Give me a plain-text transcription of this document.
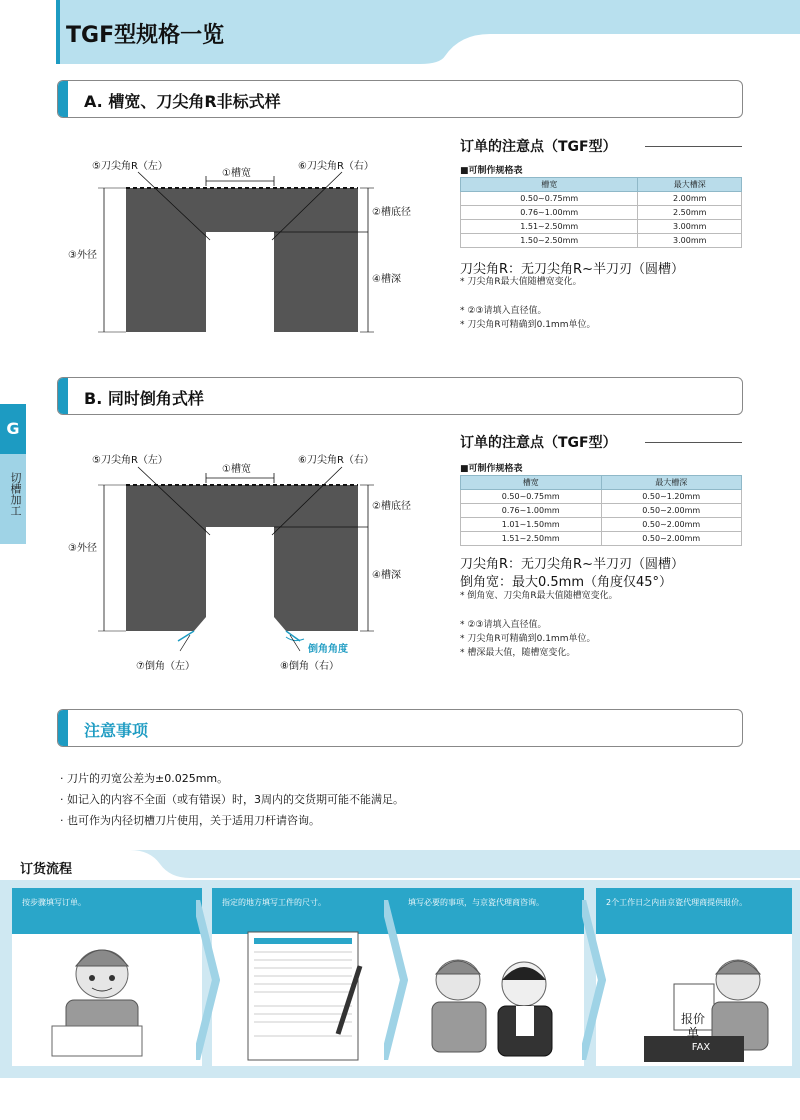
TGF型规格一览
G
切槽加工
A. 槽宽、刀尖角R非标式样
⑤刀尖角R（左）	⑥刀尖角R（右）
①槽宽
②槽底径
③外径
④槽深
订单的注意点（TGF型）
■可制作规格表
槽宽	最大槽深
0.50~0.75mm	2.00mm
0.76~1.00mm	2.50mm
1.51~2.50mm	3.00mm
1.50~2.50mm	3.00mm
刀尖角R：无刀尖角R~半刀刃（圆槽）
* 刀尖角R最大值随槽宽变化。
* ②③请填入直径值。
* 刀尖角R可精确到0.1mm单位。
B. 同时倒角式样
⑤刀尖角R（左）	⑥刀尖角R（右）
①槽宽
②槽底径
③外径
④槽深
倒角角度
⑦倒角（左）	⑧倒角（右）
订单的注意点（TGF型）
■可制作规格表
槽宽	最大槽深
0.50~0.75mm	0.50~1.20mm
0.76~1.00mm	0.50~2.00mm
1.01~1.50mm	0.50~2.00mm
1.51~2.50mm	0.50~2.00mm
刀尖角R：无刀尖角R~半刀刃（圆槽）
倒角宽：最大0.5mm（角度仅45°）
* 倒角宽、刀尖角R最大值随槽宽变化。
* ②③请填入直径值。
* 刀尖角R可精确到0.1mm单位。
* 槽深最大值，随槽宽变化。
注意事项
· 刀片的刃宽公差为±0.025mm。
· 如记入的内容不全面（或有错误）时，3周内的交货期可能不能满足。
· 也可作为内径切槽刀片使用，关于适用刀杆请咨询。
订货流程
按步骤填写订单。	指定的地方填写工件的尺寸。	填写必要的事项，与京瓷代理商咨询。	2个工作日之内由京瓷代理商提供报价。
报价单
FAX
